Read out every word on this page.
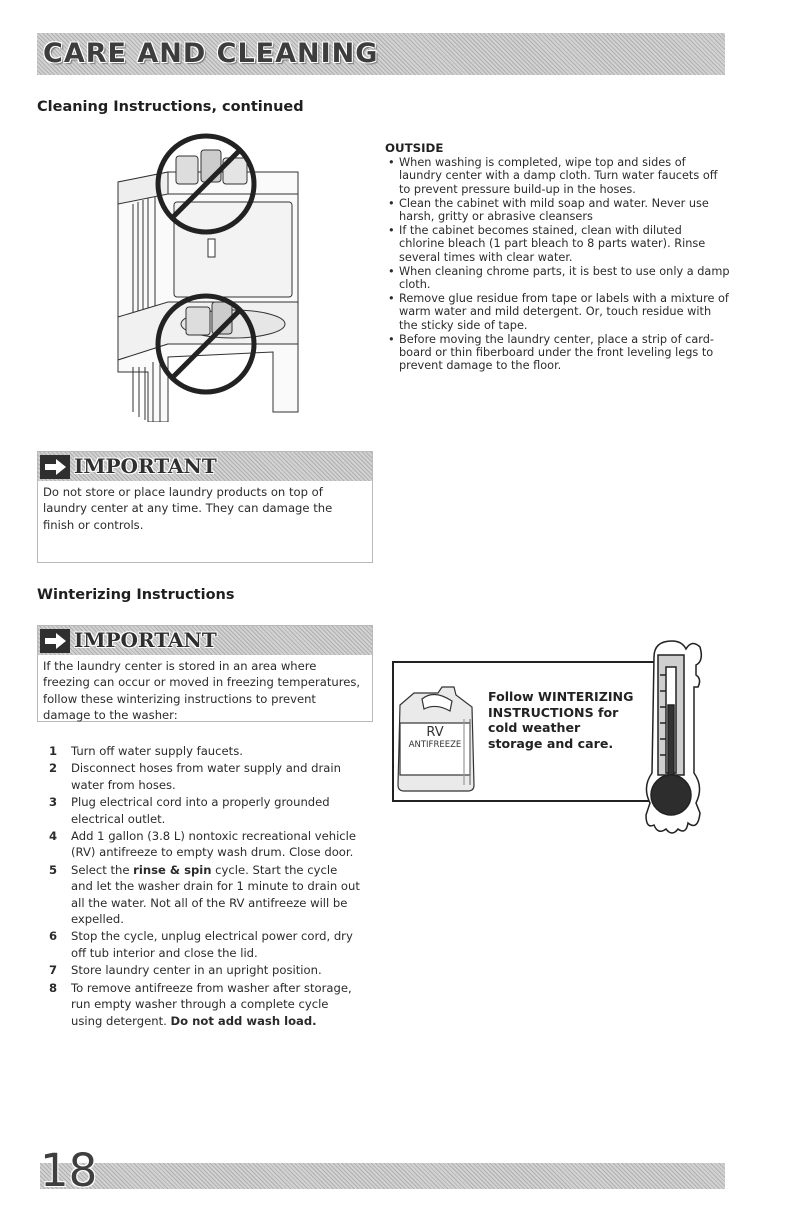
CARE AND CLEANING
Cleaning Instructions, continued
OUTSIDE
• When washing is completed, wipe top and sides of laundry center with a damp cloth. Turn water faucets off to prevent pressure build-up in the hoses.
• Clean the cabinet with mild soap and water. Never use harsh, gritty or abrasive cleansers
• If the cabinet becomes stained, clean with diluted chlorine bleach (1 part bleach to 8 parts water). Rinse several times with clear water.
• When cleaning chrome parts, it is best to use only a damp cloth.
• Remove glue residue from tape or labels with a mixture of warm water and mild detergent. Or, touch residue with the sticky side of tape.
• Before moving the laundry center, place a strip of card-board or thin fiberboard under the front leveling legs to prevent damage to the floor.
IMPORTANT
Do not store or place laundry products on top of laundry center at any time. They can damage the finish or controls.
Winterizing Instructions
IMPORTANT
If the laundry center is stored in an area where freezing can occur or moved in freezing temperatures, follow these winterizing instructions to prevent damage to the washer:
1 Turn off water supply faucets.
2 Disconnect hoses from water supply and drain water from hoses.
3 Plug electrical cord into a properly grounded electrical outlet.
4 Add 1 gallon (3.8 L) nontoxic recreational vehicle (RV) antifreeze to empty wash drum. Close door.
5 Select the rinse & spin cycle. Start the cycle and let the washer drain for 1 minute to drain out all the water. Not all of the RV antifreeze will be expelled.
6 Stop the cycle, unplug electrical power cord, dry off tub interior and close the lid.
7 Store laundry center in an upright position.
8 To remove antifreeze from washer after storage, run empty washer through a complete cycle using detergent. Do not add wash load.
RV
ANTIFREEZE
Follow WINTERIZING INSTRUCTIONS for cold weather storage and care.
18
